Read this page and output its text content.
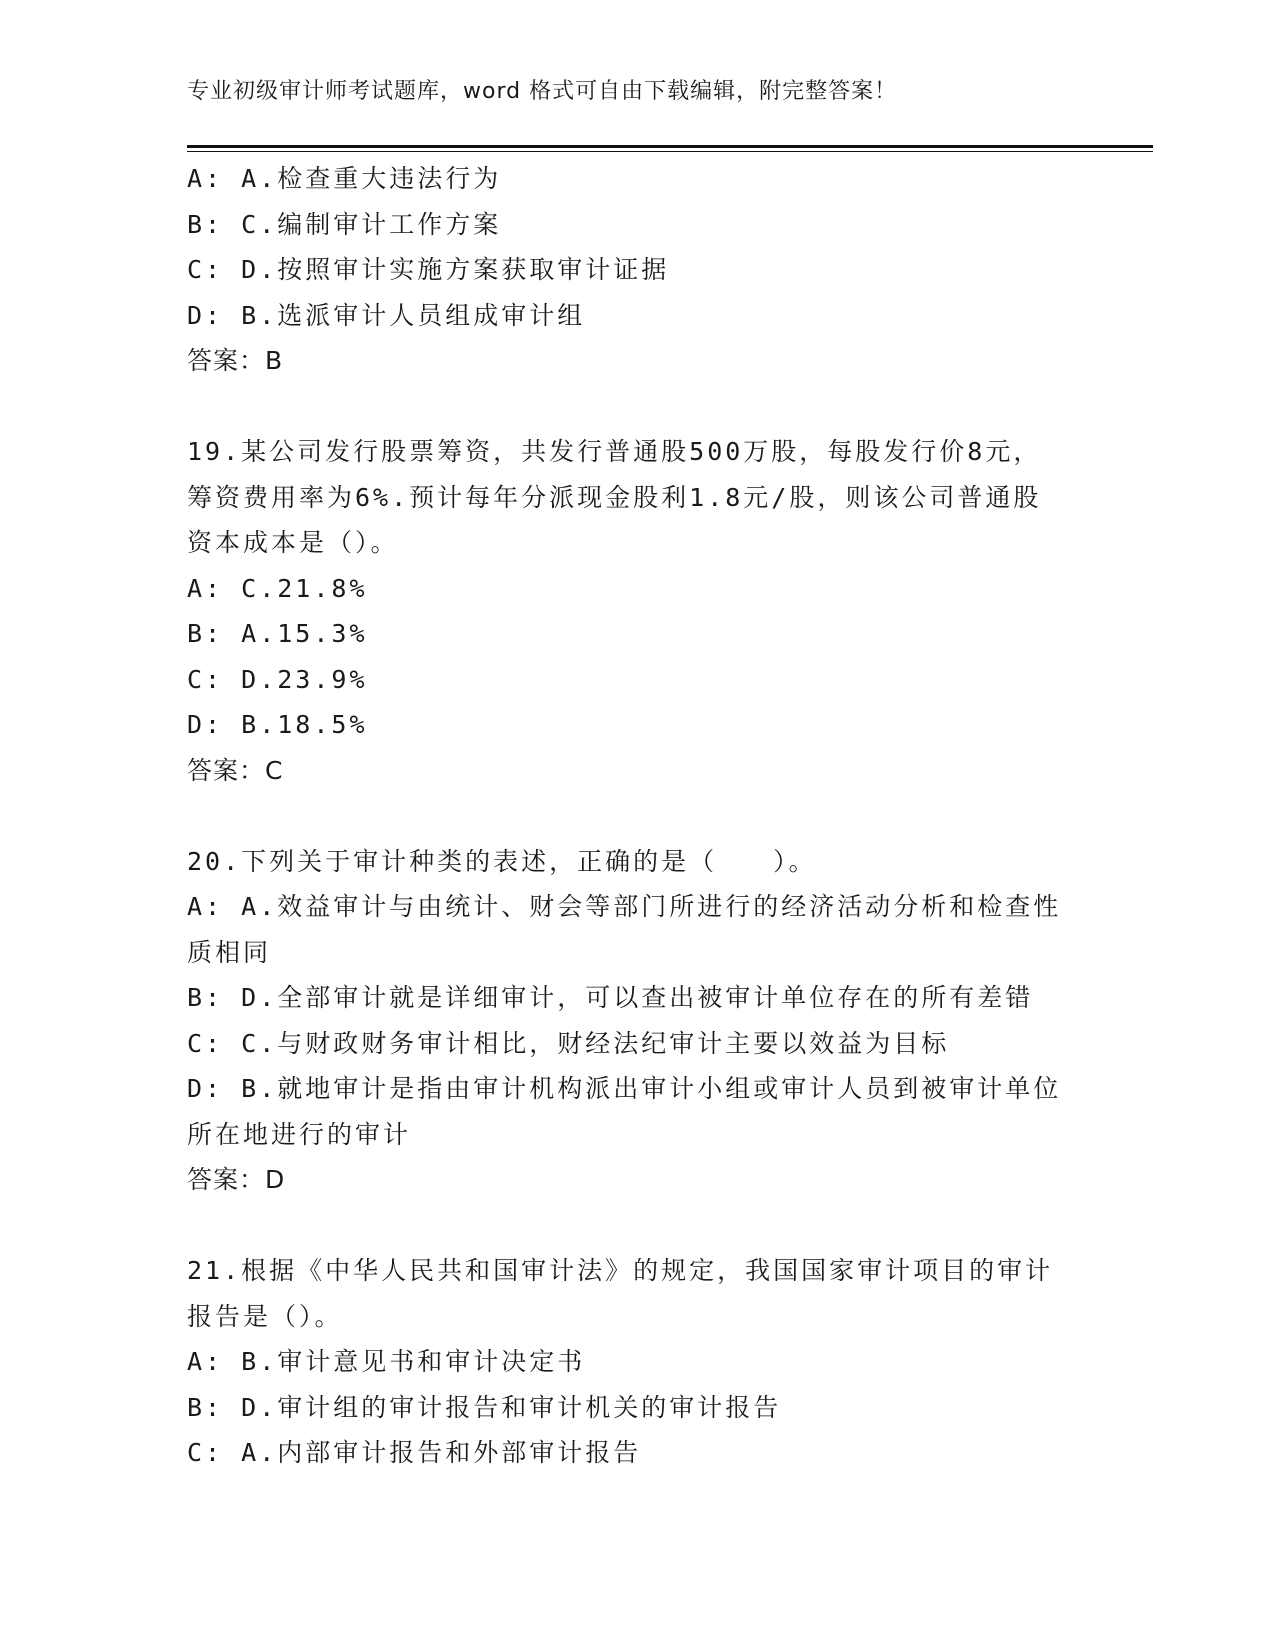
专业初级审计师考试题库，word 格式可自由下载编辑，附完整答案！

A: A.检查重大违法行为

B: C.编制审计工作方案

C: D.按照审计实施方案获取审计证据

D: B.选派审计人员组成审计组

答案：B

19.某公司发行股票筹资，共发行普通股500万股，每股发行价8元，

筹资费用率为6%.预计每年分派现金股利1.8元/股，则该公司普通股

资本成本是（）。

A: C.21.8%

B: A.15.3%

C: D.23.9%

D: B.18.5%

答案：C

20.下列关于审计种类的表述，正确的是（　　）。

A: A.效益审计与由统计、财会等部门所进行的经济活动分析和检查性

质相同

B: D.全部审计就是详细审计，可以查出被审计单位存在的所有差错

C: C.与财政财务审计相比，财经法纪审计主要以效益为目标

D: B.就地审计是指由审计机构派出审计小组或审计人员到被审计单位

所在地进行的审计

答案：D

21.根据《中华人民共和国审计法》的规定，我国国家审计项目的审计

报告是（）。

A: B.审计意见书和审计决定书

B: D.审计组的审计报告和审计机关的审计报告

C: A.内部审计报告和外部审计报告
